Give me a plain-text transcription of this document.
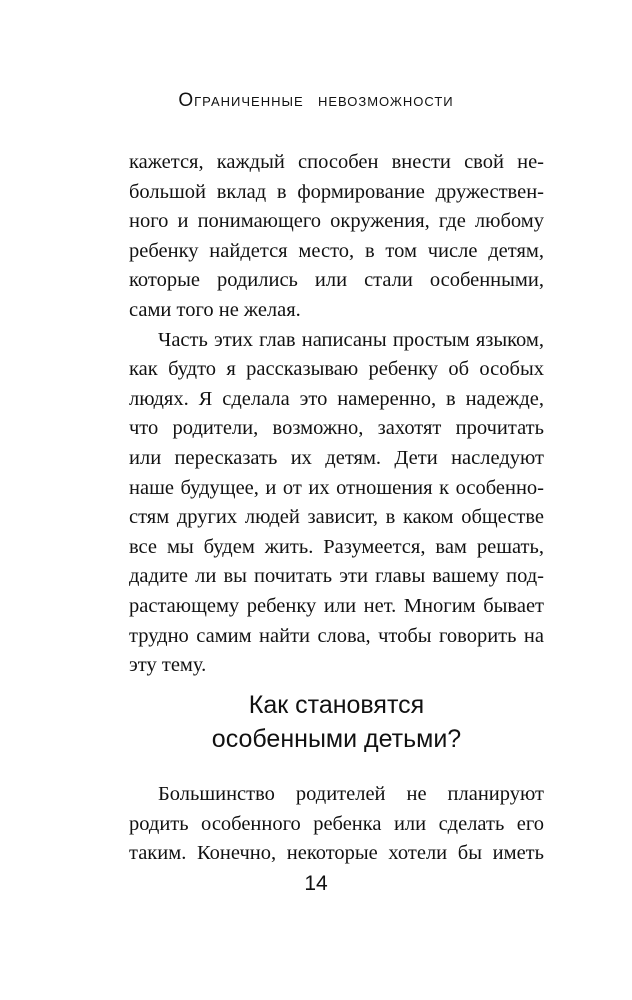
Ограниченные невозможности

кажется, каждый способен внести свой не-

большой вклад в формирование дружествен-

ного и понимающего окружения, где любому

ребенку найдется место, в том числе детям,

которые родились или стали особенными,

сами того не желая.

Часть этих глав написаны простым языком,

как будто я рассказываю ребенку об особых

людях. Я сделала это намеренно, в надежде,

что родители, возможно, захотят прочитать

или пересказать их детям. Дети наследуют

наше будущее, и от их отношения к особенно-

стям других людей зависит, в каком обществе

все мы будем жить. Разумеется, вам решать,

дадите ли вы почитать эти главы вашему под-

растающему ребенку или нет. Многим бывает

трудно самим найти слова, чтобы говорить на

эту тему.

Как становятся
особенными детьми?

Большинство родителей не планируют

родить особенного ребенка или сделать его

таким. Конечно, некоторые хотели бы иметь

14
